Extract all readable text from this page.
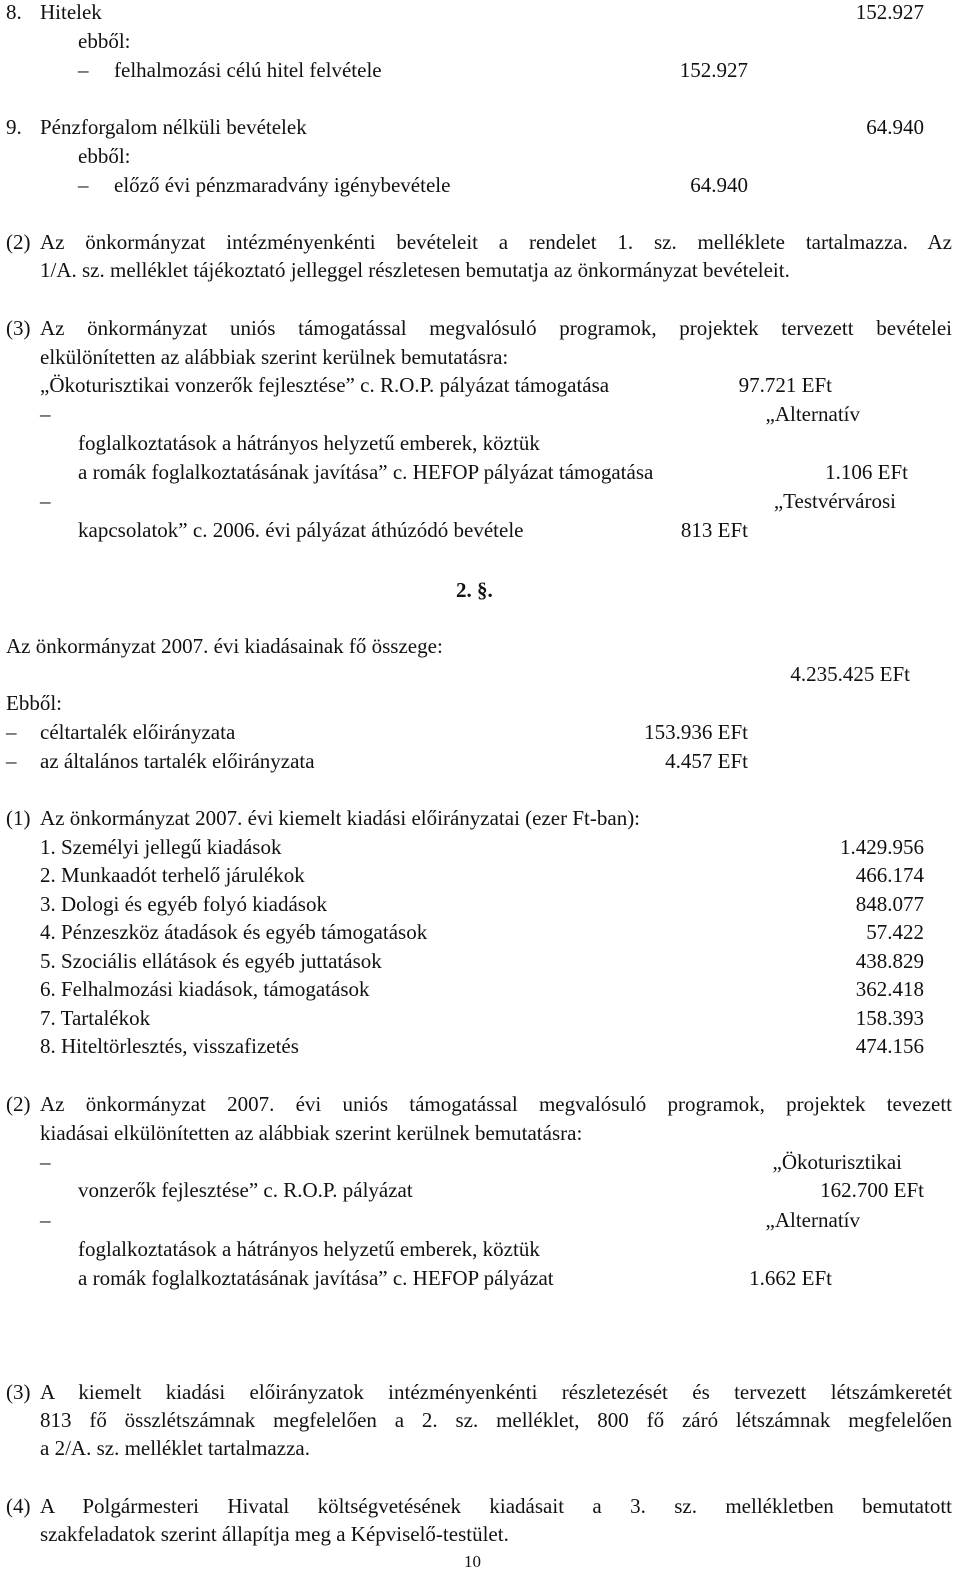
8. Hitelek	152.927
ebből:
– felhalmozási célú hitel felvétele	152.927
9. Pénzforgalom nélküli bevételek	64.940
ebből:
– előző évi pénzmaradvány igénybevétele	64.940
(2) Az önkormányzat intézményenkénti bevételeit a rendelet 1. sz. melléklete tartalmazza. Az
1/A. sz. melléklet tájékoztató jelleggel részletesen bemutatja az önkormányzat bevételeit.
(3) Az önkormányzat uniós támogatással megvalósuló programok, projektek tervezett bevételei
elkülönítetten az alábbiak szerint kerülnek bemutatásra:
„Ökoturisztikai vonzerők fejlesztése” c. R.O.P. pályázat támogatása	97.721 EFt
–	„Alternatív
foglalkoztatások a hátrányos helyzetű emberek, köztük
a romák foglalkoztatásának javítása” c. HEFOP pályázat támogatása	1.106 EFt
–	„Testvérvárosi
kapcsolatok” c. 2006. évi pályázat áthúzódó bevétele	813 EFt
2. §.
Az önkormányzat 2007. évi kiadásainak fő összege:
4.235.425 EFt
Ebből:
– céltartalék előirányzata	153.936 EFt
– az általános tartalék előirányzata	4.457 EFt
(1) Az önkormányzat 2007. évi kiemelt kiadási előirányzatai (ezer Ft-ban):
1. Személyi jellegű kiadások	1.429.956
2. Munkaadót terhelő járulékok	466.174
3. Dologi és egyéb folyó kiadások	848.077
4. Pénzeszköz átadások és egyéb támogatások	57.422
5. Szociális ellátások és egyéb juttatások	438.829
6. Felhalmozási kiadások, támogatások	362.418
7. Tartalékok	158.393
8. Hiteltörlesztés, visszafizetés	474.156
(2) Az önkormányzat 2007. évi uniós támogatással megvalósuló programok, projektek tevezett
kiadásai elkülönítetten az alábbiak szerint kerülnek bemutatásra:
–	„Ökoturisztikai
vonzerők fejlesztése” c. R.O.P. pályázat	162.700 EFt
–	„Alternatív
foglalkoztatások a hátrányos helyzetű emberek, köztük
a romák foglalkoztatásának javítása” c. HEFOP pályázat	1.662 EFt
(3) A kiemelt kiadási előirányzatok intézményenkénti részletezését és tervezett létszámkeretét
813 fő összlétszámnak megfelelően a 2. sz. melléklet, 800 fő záró létszámnak megfelelően
a 2/A. sz. melléklet tartalmazza.
(4) A Polgármesteri Hivatal költségvetésének kiadásait a 3. sz. mellékletben bemutatott
szakfeladatok szerint állapítja meg a Képviselő-testület.
10
